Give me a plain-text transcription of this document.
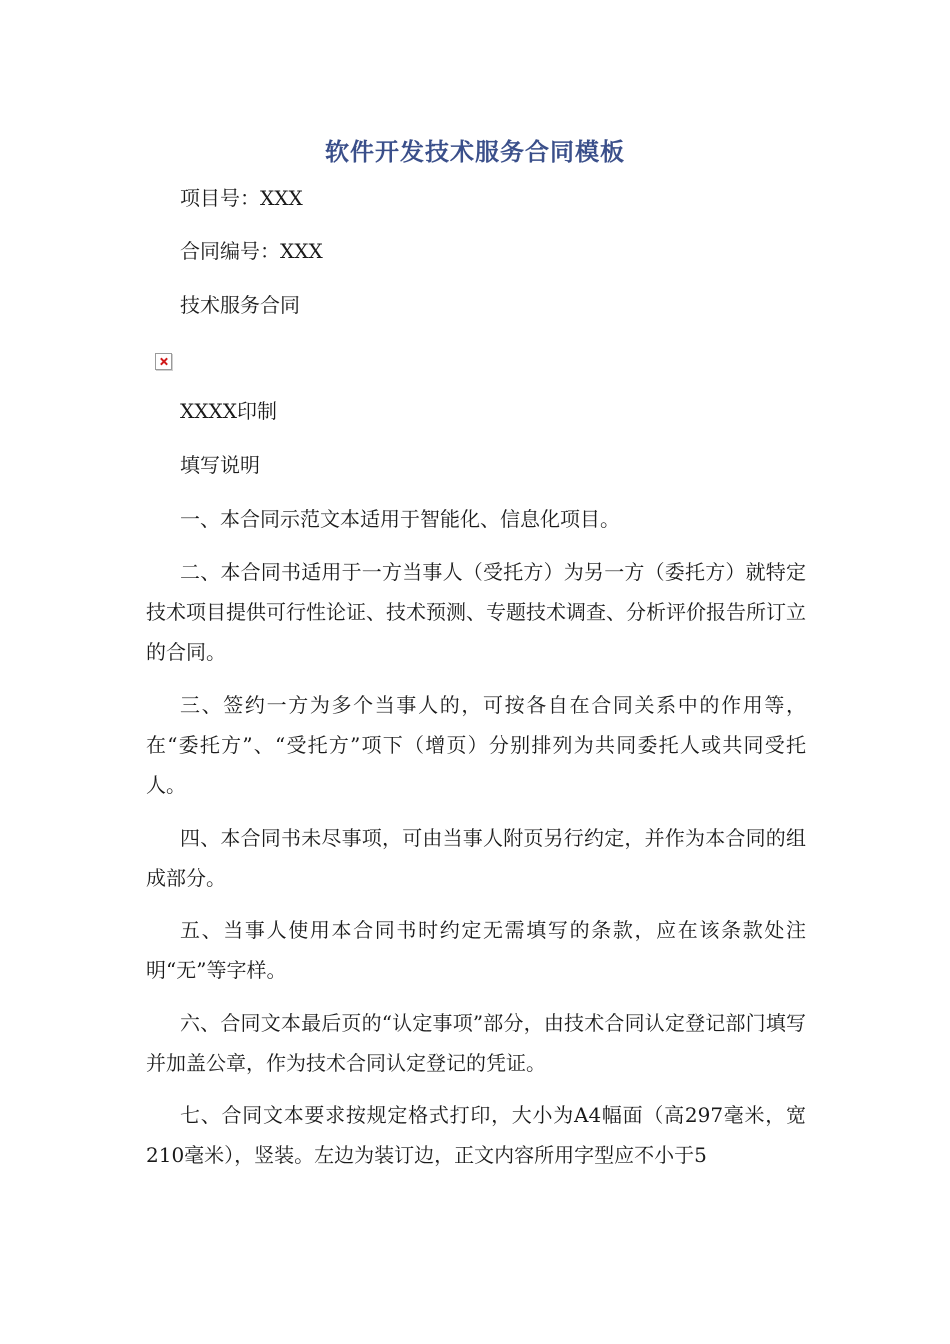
软件开发技术服务合同模板

项目号：XXX

合同编号：XXX

技术服务合同

XXXX印制

填写说明

一、本合同示范文本适用于智能化、信息化项目。

二、本合同书适用于一方当事人（受托方）为另一方（委托方）就特定技术项目提供可行性论证、技术预测、专题技术调查、分析评价报告所订立的合同。

三、签约一方为多个当事人的，可按各自在合同关系中的作用等，在“委托方”、“受托方”项下（增页）分别排列为共同委托人或共同受托人。

四、本合同书未尽事项，可由当事人附页另行约定，并作为本合同的组成部分。

五、当事人使用本合同书时约定无需填写的条款，应在该条款处注明“无”等字样。

六、合同文本最后页的“认定事项”部分，由技术合同认定登记部门填写并加盖公章，作为技术合同认定登记的凭证。

七、合同文本要求按规定格式打印，大小为A4幅面（高297毫米，宽210毫米），竖装。左边为装订边，正文内容所用字型应不小于5
